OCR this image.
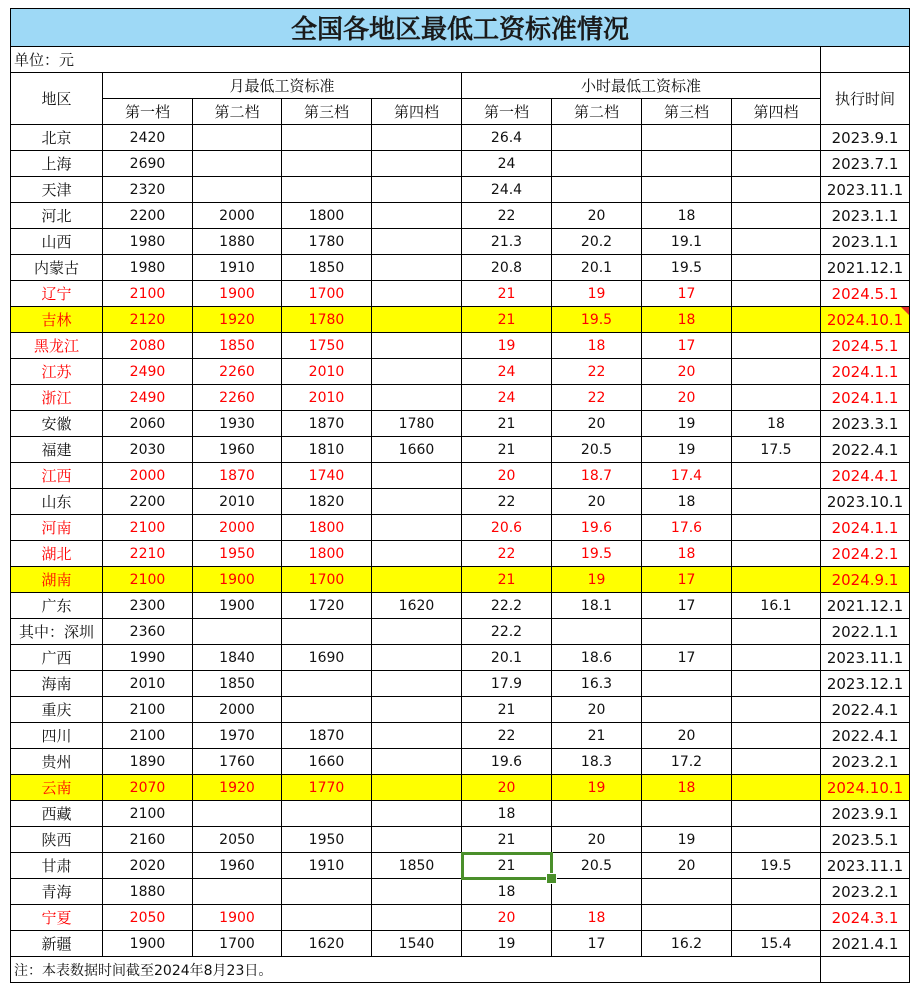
全国各地区最低工资标准情况									
单位：元									
地区	月最低工资标准				小时最低工资标准				执行时间
	第一档	第二档	第三档	第四档	第一档	第二档	第三档	第四档	
北京	2420				26.4				2023.9.1
上海	2690				24				2023.7.1
天津	2320				24.4				2023.11.1
河北	2200	2000	1800		22	20	18		2023.1.1
山西	1980	1880	1780		21.3	20.2	19.1		2023.1.1
内蒙古	1980	1910	1850		20.8	20.1	19.5		2021.12.1
辽宁	2100	1900	1700		21	19	17		2024.5.1
吉林	2120	1920	1780		21	19.5	18		2024.10.1

黑龙江	2080	1850	1750		19	18	17		2024.5.1
江苏	2490	2260	2010		24	22	20		2024.1.1
浙江	2490	2260	2010		24	22	20		2024.1.1
安徽	2060	1930	1870	1780	21	20	19	18	2023.3.1
福建	2030	1960	1810	1660	21	20.5	19	17.5	2022.4.1
江西	2000	1870	1740		20	18.7	17.4		2024.4.1
山东	2200	2010	1820		22	20	18		2023.10.1
河南	2100	2000	1800		20.6	19.6	17.6		2024.1.1
湖北	2210	1950	1800		22	19.5	18		2024.2.1
湖南	2100	1900	1700		21	19	17		2024.9.1
广东	2300	1900	1720	1620	22.2	18.1	17	16.1	2021.12.1
其中：深圳	2360				22.2				2022.1.1
广西	1990	1840	1690		20.1	18.6	17		2023.11.1
海南	2010	1850			17.9	16.3			2023.12.1
重庆	2100	2000			21	20			2022.4.1
四川	2100	1970	1870		22	21	20		2022.4.1
贵州	1890	1760	1660		19.6	18.3	17.2		2023.2.1
云南	2070	1920	1770		20	19	18		2024.10.1
西藏	2100				18				2023.9.1
陕西	2160	2050	1950		21	20	19		2023.5.1
甘肃	2020	1960	1910	1850	21	20.5	20	19.5	2023.11.1
青海	1880				18				2023.2.1
宁夏	2050	1900			20	18			2024.3.1
新疆	1900	1700	1620	1540	19	17	16.2	15.4	2021.4.1
注：本表数据时间截至2024年8月23日。									
